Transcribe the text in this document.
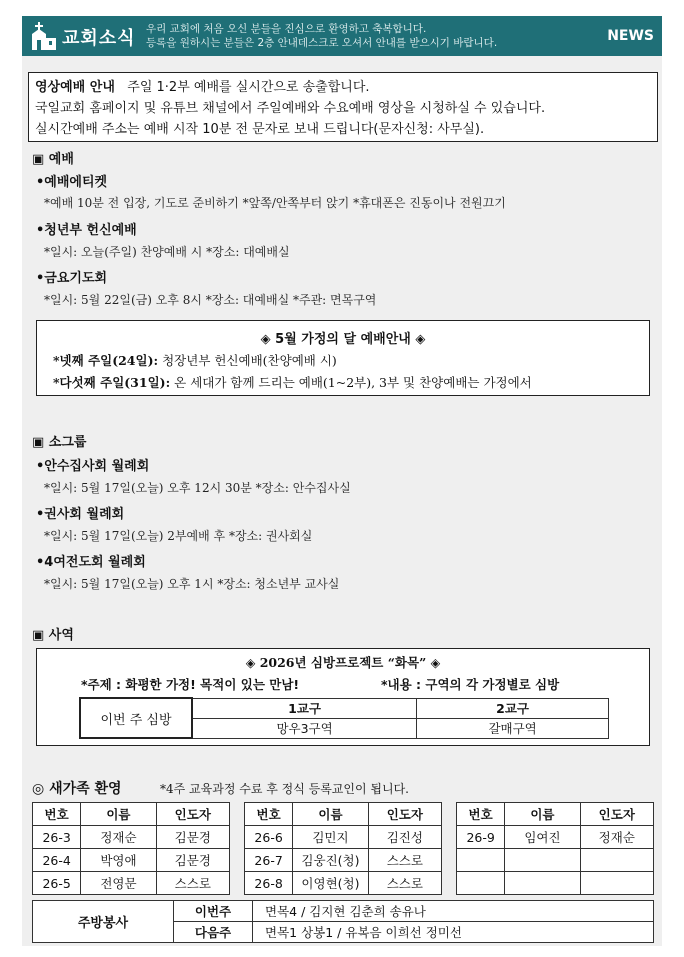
교회소식 우리 교회에 처음 오신 분들을 진심으로 환영하고 축복합니다.
등록을 원하시는 분들은 2층 안내데스크로 오셔서 안내를 받으시기 바랍니다.	NEWS
영상예배 안내 주일 1·2부 예배를 실시간으로 송출합니다.
국일교회 홈페이지 및 유튜브 채널에서 주일예배와 수요예배 영상을 시청하실 수 있습니다.
실시간예배 주소는 예배 시작 10분 전 문자로 보내 드립니다(문자신청: 사무실).
▣ 예배
•예배에티켓
*예배 10분 전 입장, 기도로 준비하기 *앞쪽/안쪽부터 앉기 *휴대폰은 진동이나 전원끄기
•청년부 헌신예배
*일시: 오늘(주일) 찬양예배 시 *장소: 대예배실
•금요기도회
*일시: 5월 22일(금) 오후 8시 *장소: 대예배실 *주관: 면목구역
◈ 5월 가정의 달 예배안내 ◈
*넷째 주일(24일): 청장년부 헌신예배(찬양예배 시)
*다섯째 주일(31일): 온 세대가 함께 드리는 예배(1~2부), 3부 및 찬양예배는 가정에서
▣ 소그룹
•안수집사회 월례회
*일시: 5월 17일(오늘) 오후 12시 30분 *장소: 안수집사실
•권사회 월례회
*일시: 5월 17일(오늘) 2부예배 후 *장소: 권사회실
•4여전도회 월례회
*일시: 5월 17일(오늘) 오후 1시 *장소: 청소년부 교사실
▣ 사역
◈ 2026년 심방프로젝트 “화목” ◈
*주제 : 화평한 가정! 목적이 있는 만남!	*내용 : 구역의 각 가정별로 심방
이번 주 심방	1교구	2교구
	망우3구역	갈매구역
◎ 새가족 환영	*4주 교육과정 수료 후 정식 등록교인이 됩니다.
번호	이름	인도자
26-3	정재순	김문경
26-4	박영애	김문경
26-5	전영문	스스로
번호	이름	인도자
26-6	김민지	김진성
26-7	김웅진(청)	스스로
26-8	이영현(청)	스스로
번호	이름	인도자
26-9	임여진	정재순

주방봉사	이번주	면목4 / 김지현 김춘희 송유나
	다음주	면목1 상봉1 / 유복음 이희선 정미선
